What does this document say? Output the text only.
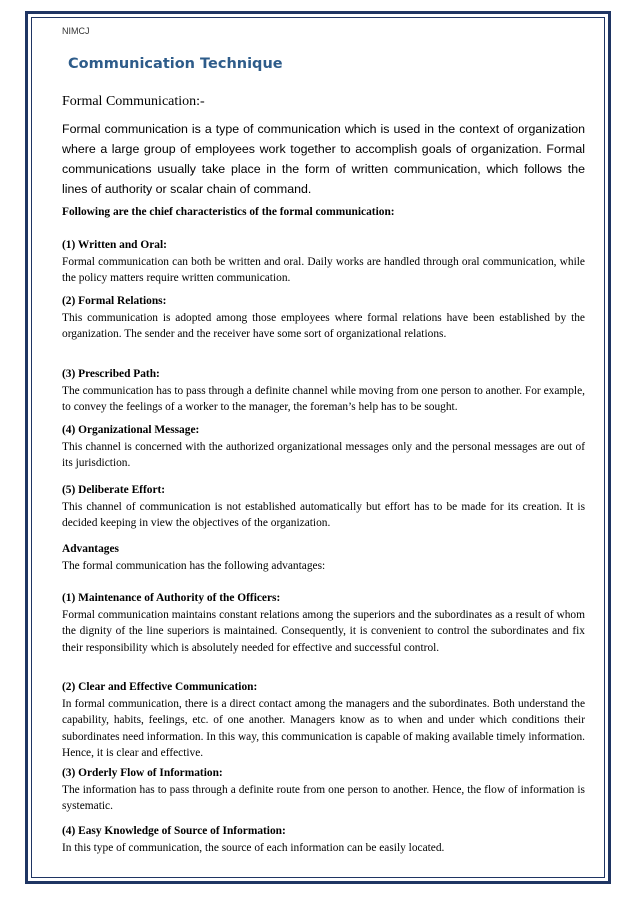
NIMCJ
Communication Technique
Formal Communication:-
Formal communication is a type of communication which is used in the context of organization where a large group of employees work together to accomplish goals of organization. Formal communications usually take place in the form of written communication, which follows the lines of authority or scalar chain of command.
Following are the chief characteristics of the formal communication:
(1) Written and Oral:
Formal communication can both be written and oral. Daily works are handled through oral communication, while the policy matters require written communication.
(2) Formal Relations:
This communication is adopted among those employees where formal relations have been established by the organization. The sender and the receiver have some sort of organizational relations.
(3) Prescribed Path:
The communication has to pass through a definite channel while moving from one person to another. For example, to convey the feelings of a worker to the manager, the foreman’s help has to be sought.
(4) Organizational Message:
This channel is concerned with the authorized organizational messages only and the personal messages are out of its jurisdiction.
(5) Deliberate Effort:
This channel of communication is not established automatically but effort has to be made for its creation. It is decided keeping in view the objectives of the organization.
Advantages
The formal communication has the following advantages:
(1) Maintenance of Authority of the Officers:
Formal communication maintains constant relations among the superiors and the subordinates as a result of whom the dignity of the line superiors is maintained. Consequently, it is convenient to control the subordinates and fix their responsibility which is absolutely needed for effective and successful control.
(2) Clear and Effective Communication:
In formal communication, there is a direct contact among the managers and the subordinates. Both understand the capability, habits, feelings, etc. of one another. Managers know as to when and under which conditions their subordinates need information. In this way, this communication is capable of making available timely information. Hence, it is clear and effective.
(3) Orderly Flow of Information:
The information has to pass through a definite route from one person to another. Hence, the flow of information is systematic.
(4) Easy Knowledge of Source of Information:
In this type of communication, the source of each information can be easily located.
